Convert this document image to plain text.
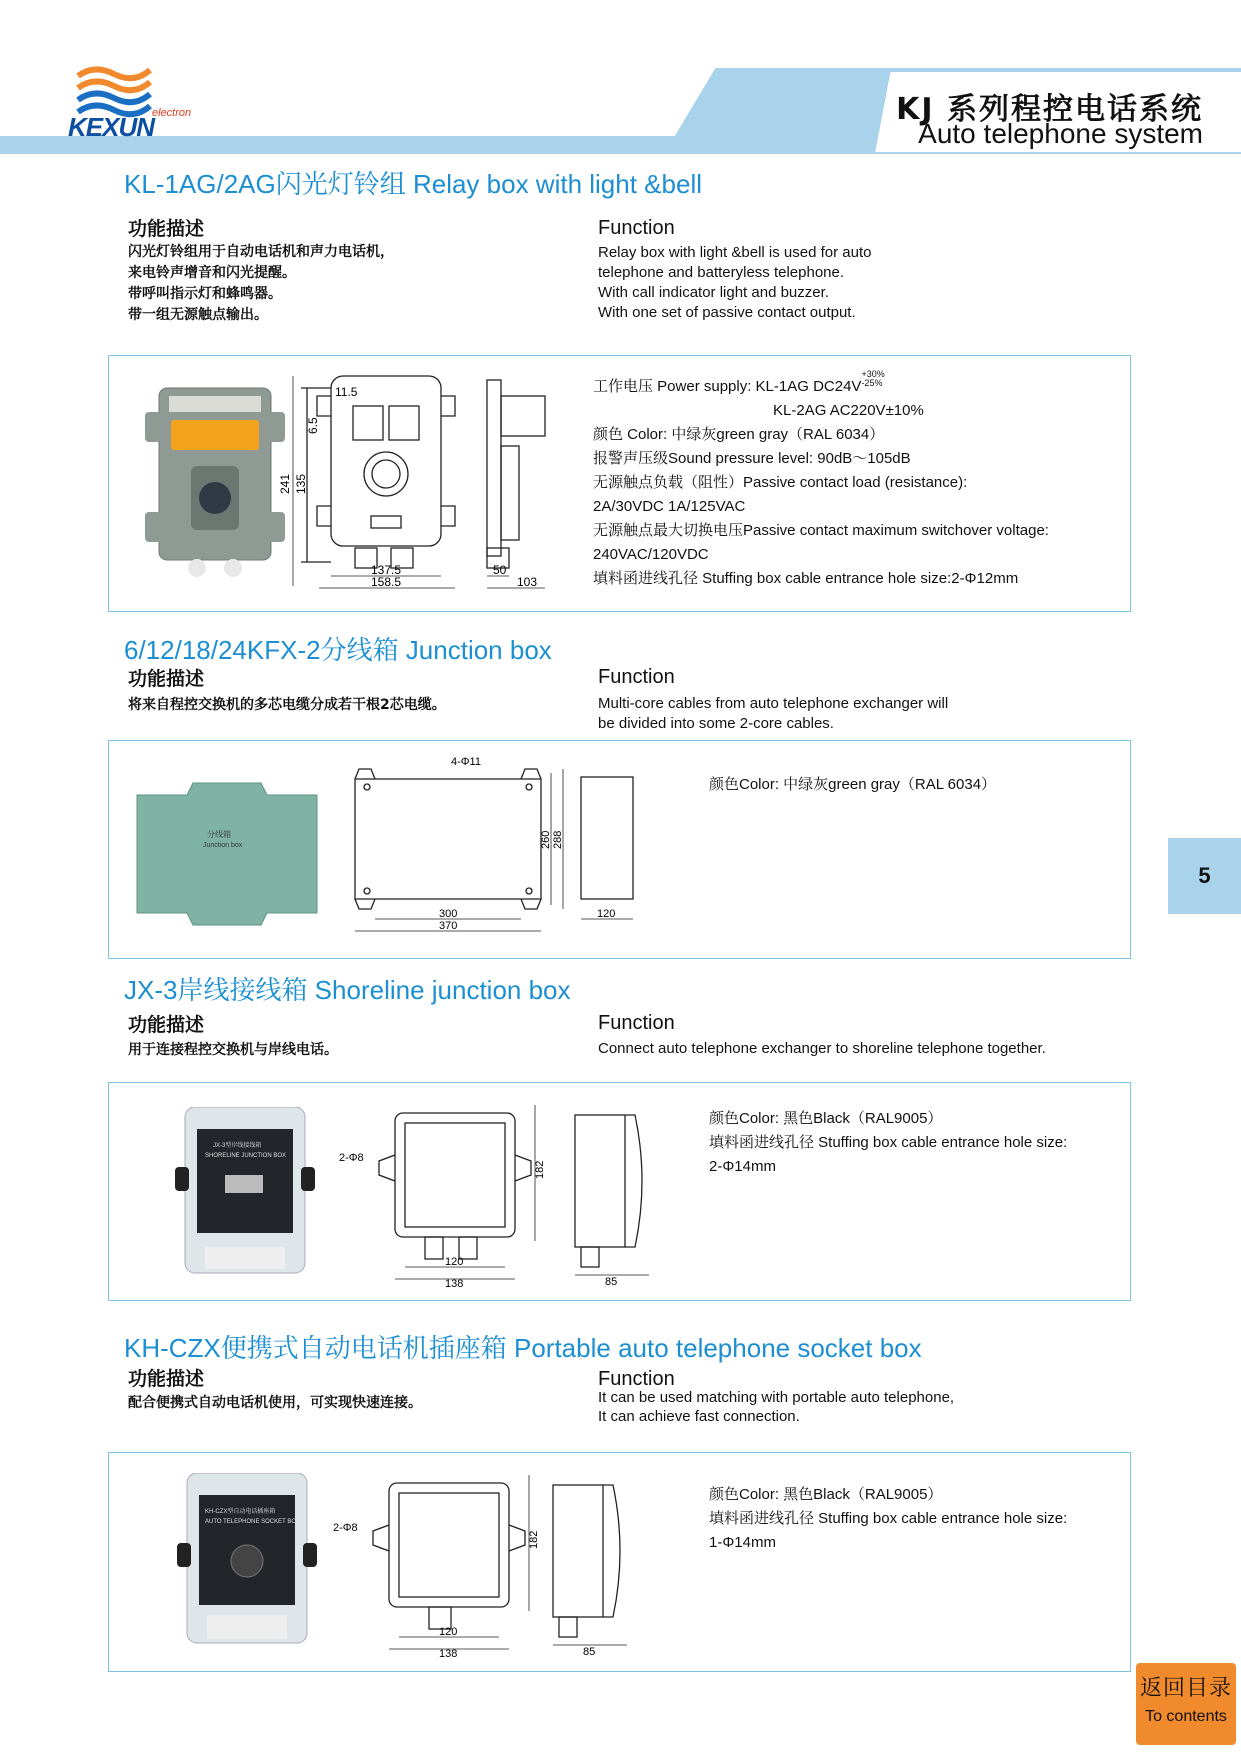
KEXUN
electron	KJ 系列程控电话系统
Auto telephone system
KL-1AG/2AG闪光灯铃组 Relay box with light &bell
功能描述	Function
闪光灯铃组用于自动电话机和声力电话机，
来电铃声增音和闪光提醒。
带呼叫指示灯和蜂鸣器。
带一组无源触点输出。
Relay box with light &bell is used for auto
telephone and batteryless telephone.
With call indicator light and buzzer.
With one set of passive contact output.
11.5
6.5
135
241
137.5
158.5
50
103
工作电压 Power supply: KL-1AG DC24V+30%
-25%
KL-2AG AC220V±10%
颜色 Color: 中绿灰green gray（RAL 6034）
报警声压级Sound pressure level: 90dB～105dB
无源触点负载（阻性）Passive contact load (resistance):
2A/30VDC 1A/125VAC
无源触点最大切换电压Passive contact maximum switchover voltage:
240VAC/120VDC
填料函进线孔径 Stuffing box cable entrance hole size:2-Φ12mm
6/12/18/24KFX-2分线箱 Junction box
功能描述	Function
将来自程控交换机的多芯电缆分成若干根2芯电缆。	Multi-core cables from auto telephone exchanger will
be divided into some 2-core cables.
分线箱
Junction box
4-Φ11
260 288
300
370
120
颜色Color: 中绿灰green gray（RAL 6034）
5
JX-3岸线接线箱 Shoreline junction box
功能描述	Function
用于连接程控交换机与岸线电话。	Connect auto telephone exchanger to shoreline telephone together.
JX-3型岸线接线箱
SHORELINE JUNCTION BOX	2-Φ8
182
120
138	85
颜色Color: 黑色Black（RAL9005）
填料函进线孔径 Stuffing box cable entrance hole size:
2-Φ14mm
KH-CZX便携式自动电话机插座箱 Portable auto telephone socket box
功能描述	Function
配合便携式自动电话机使用，可实现快速连接。	It can be used matching with portable auto telephone,
It can achieve fast connection.
KH-CZX型自动电话插座箱
AUTO TELEPHONE SOCKET BOX	2-Φ8
182
120
138	85
颜色Color: 黑色Black（RAL9005）
填料函进线孔径 Stuffing box cable entrance hole size:
1-Φ14mm
返回目录
To contents
